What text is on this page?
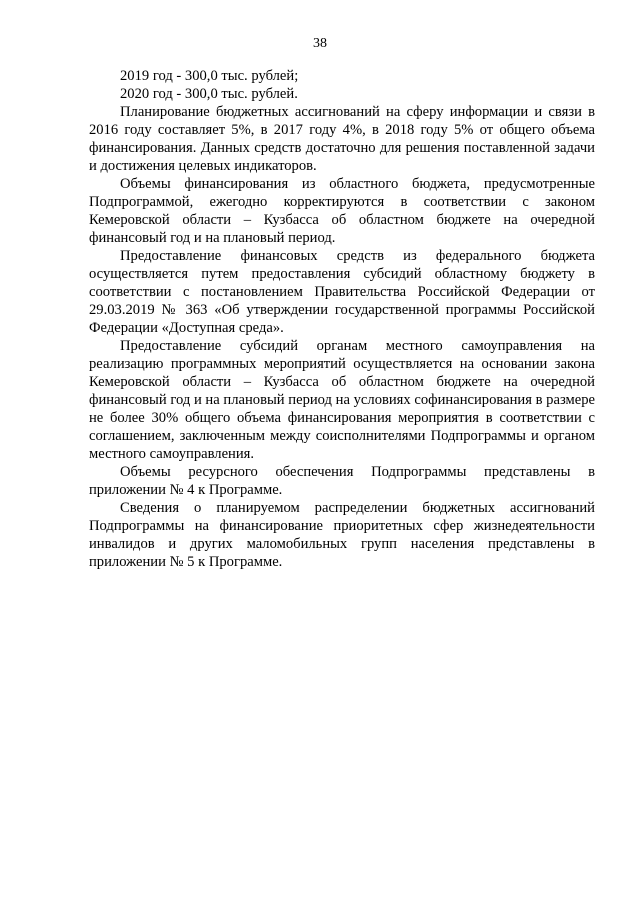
38

2019 год - 300,0 тыс. рублей;

2020 год - 300,0 тыс. рублей.

Планирование бюджетных ассигнований на сферу информации и связи в 2016 году составляет 5%, в 2017 году 4%, в 2018 году 5% от общего объема финансирования. Данных средств достаточно для решения поставленной задачи и достижения целевых индикаторов.

Объемы финансирования из областного бюджета, предусмотренные Подпрограммой, ежегодно корректируются в соответствии с законом Кемеровской области – Кузбасса об областном бюджете на очередной финансовый год и на плановый период.

Предоставление финансовых средств из федерального бюджета осуществляется путем предоставления субсидий областному бюджету в соответствии с постановлением Правительства Российской Федерации от 29.03.2019 № 363 «Об утверждении государственной программы Российской Федерации «Доступная среда».

Предоставление субсидий органам местного самоуправления на реализацию программных мероприятий осуществляется на основании закона Кемеровской области – Кузбасса об областном бюджете на очередной финансовый год и на плановый период на условиях софинансирования в размере не более 30% общего объема финансирования мероприятия в соответствии с соглашением, заключенным между соисполнителями Подпрограммы и органом местного самоуправления.

Объемы ресурсного обеспечения Подпрограммы представлены в приложении № 4 к Программе.

Сведения о планируемом распределении бюджетных ассигнований Подпрограммы на финансирование приоритетных сфер жизнедеятельности инвалидов и других маломобильных групп населения представлены в приложении № 5 к Программе.
